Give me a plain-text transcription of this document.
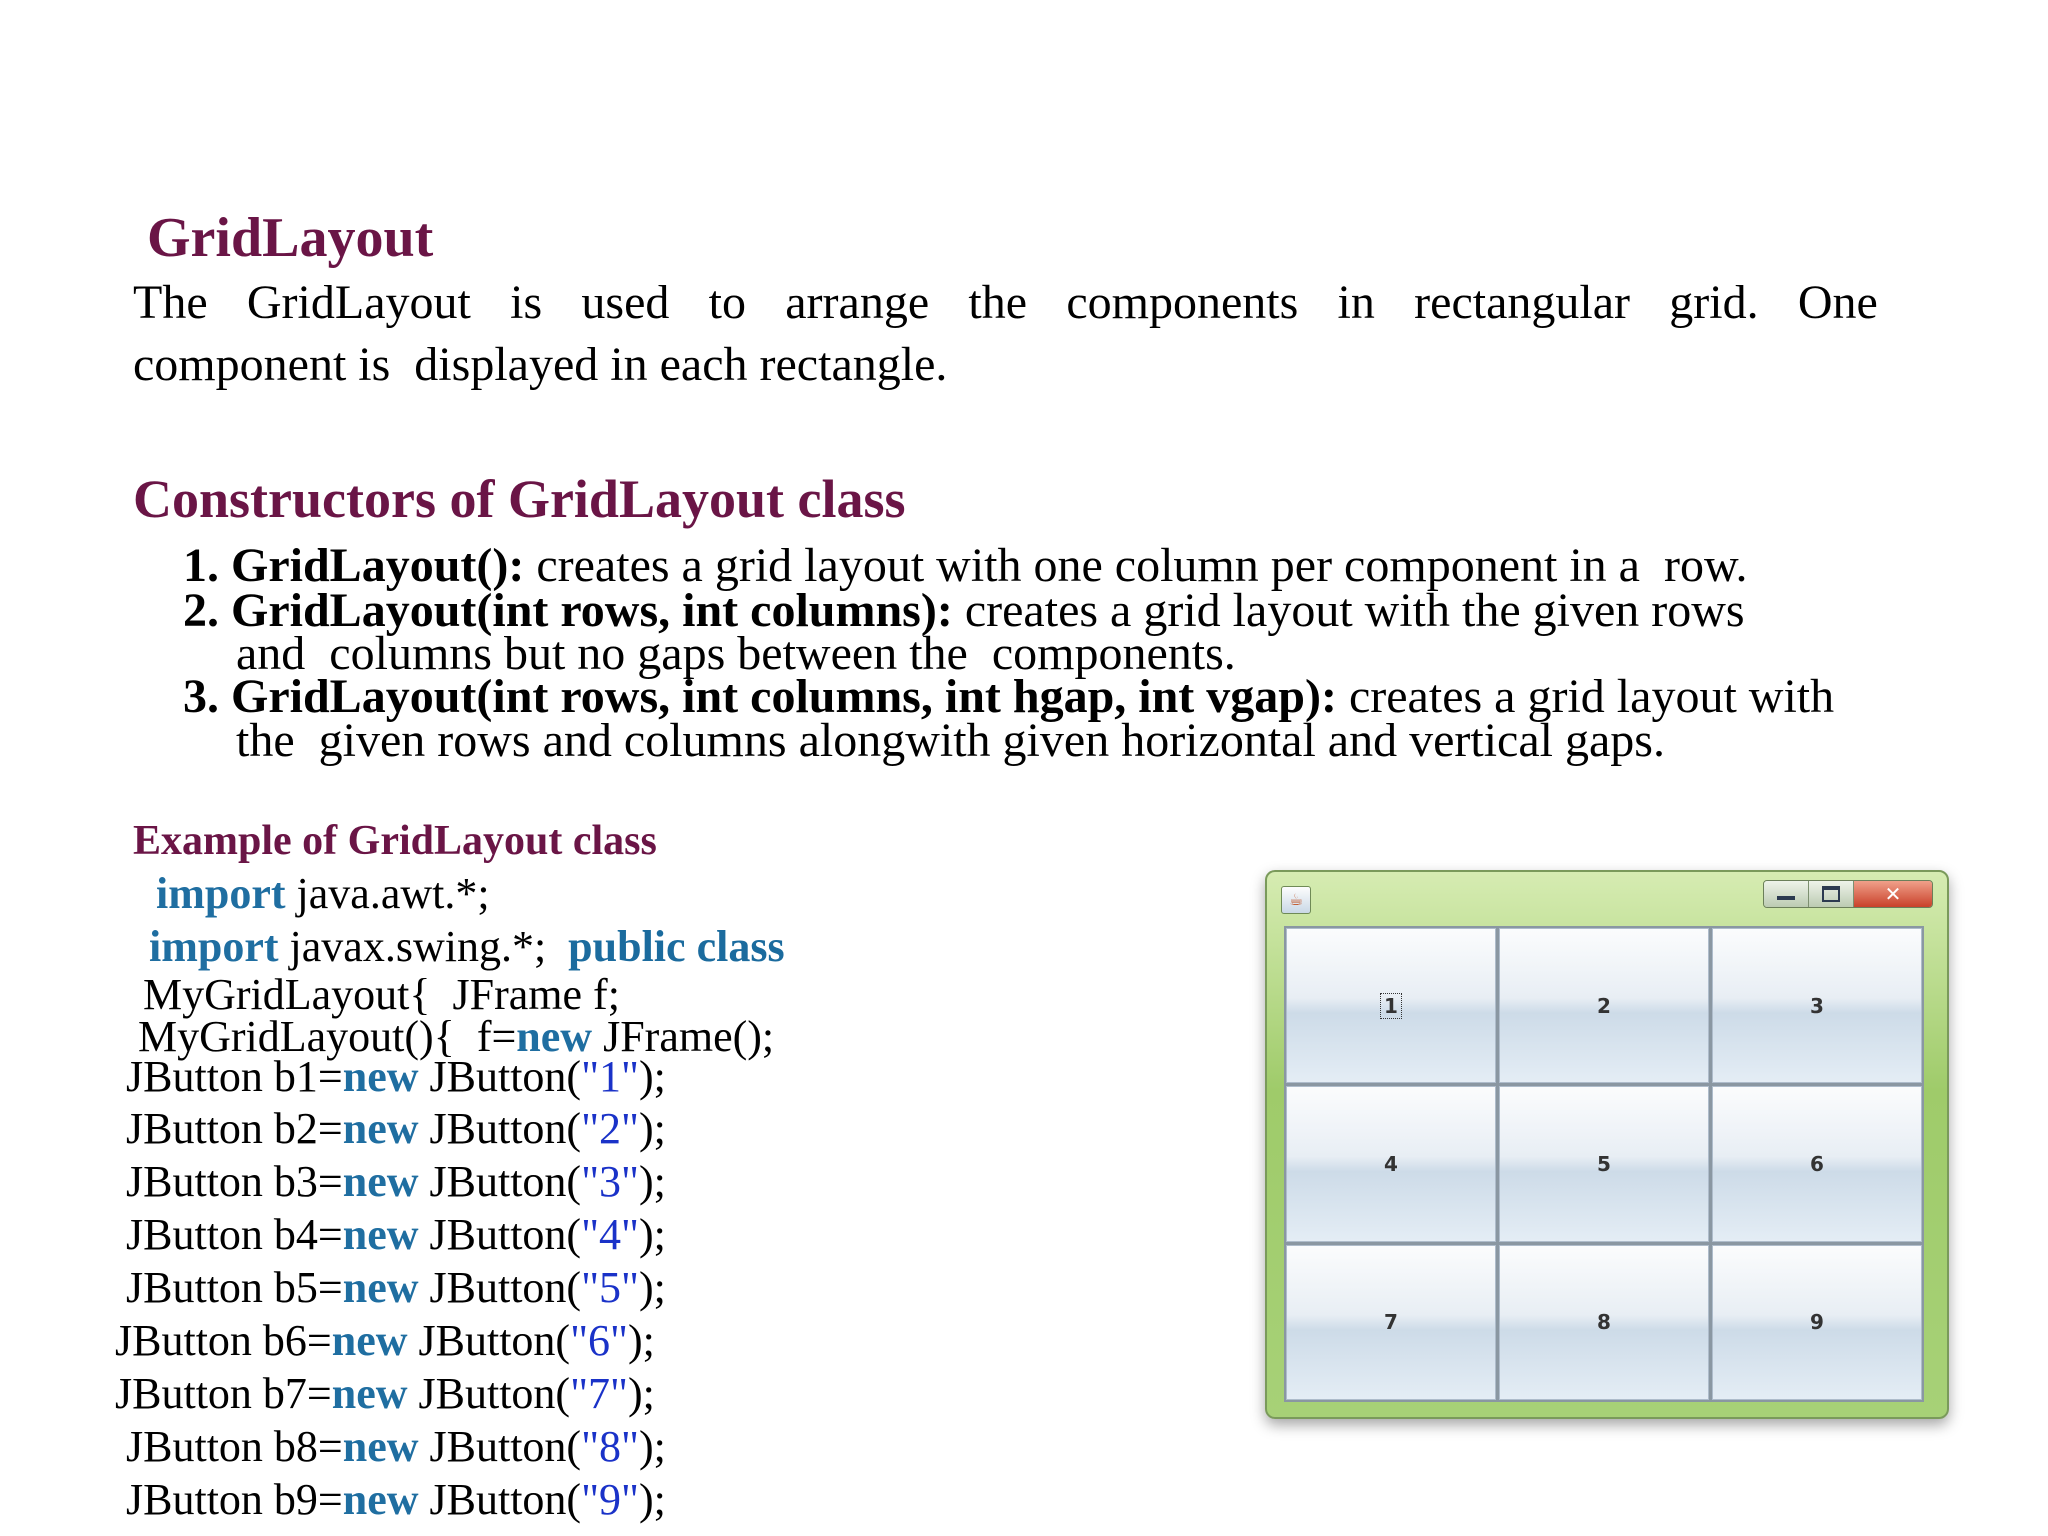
GridLayout
The GridLayout is used to arrange the components in rectangular grid. One
component is  displayed in each rectangle.
Constructors of GridLayout class
1. GridLayout(): creates a grid layout with one column per component in a  row.
2. GridLayout(int rows, int columns): creates a grid layout with the given rows
and  columns but no gaps between the  components.
3. GridLayout(int rows, int columns, int hgap, int vgap): creates a grid layout with
the  given rows and columns alongwith given horizontal and vertical gaps.
Example of GridLayout class
import java.awt.*;
import javax.swing.*;  public class
MyGridLayout{  JFrame f;
MyGridLayout(){  f=new JFrame();
JButton b1=new JButton("1");
JButton b2=new JButton("2");
JButton b3=new JButton("3");
JButton b4=new JButton("4");
JButton b5=new JButton("5");
JButton b6=new JButton("6");
JButton b7=new JButton("7");
JButton b8=new JButton("8");
JButton b9=new JButton("9");
☕	✕
1	2	3
4	5	6
7	8	9
